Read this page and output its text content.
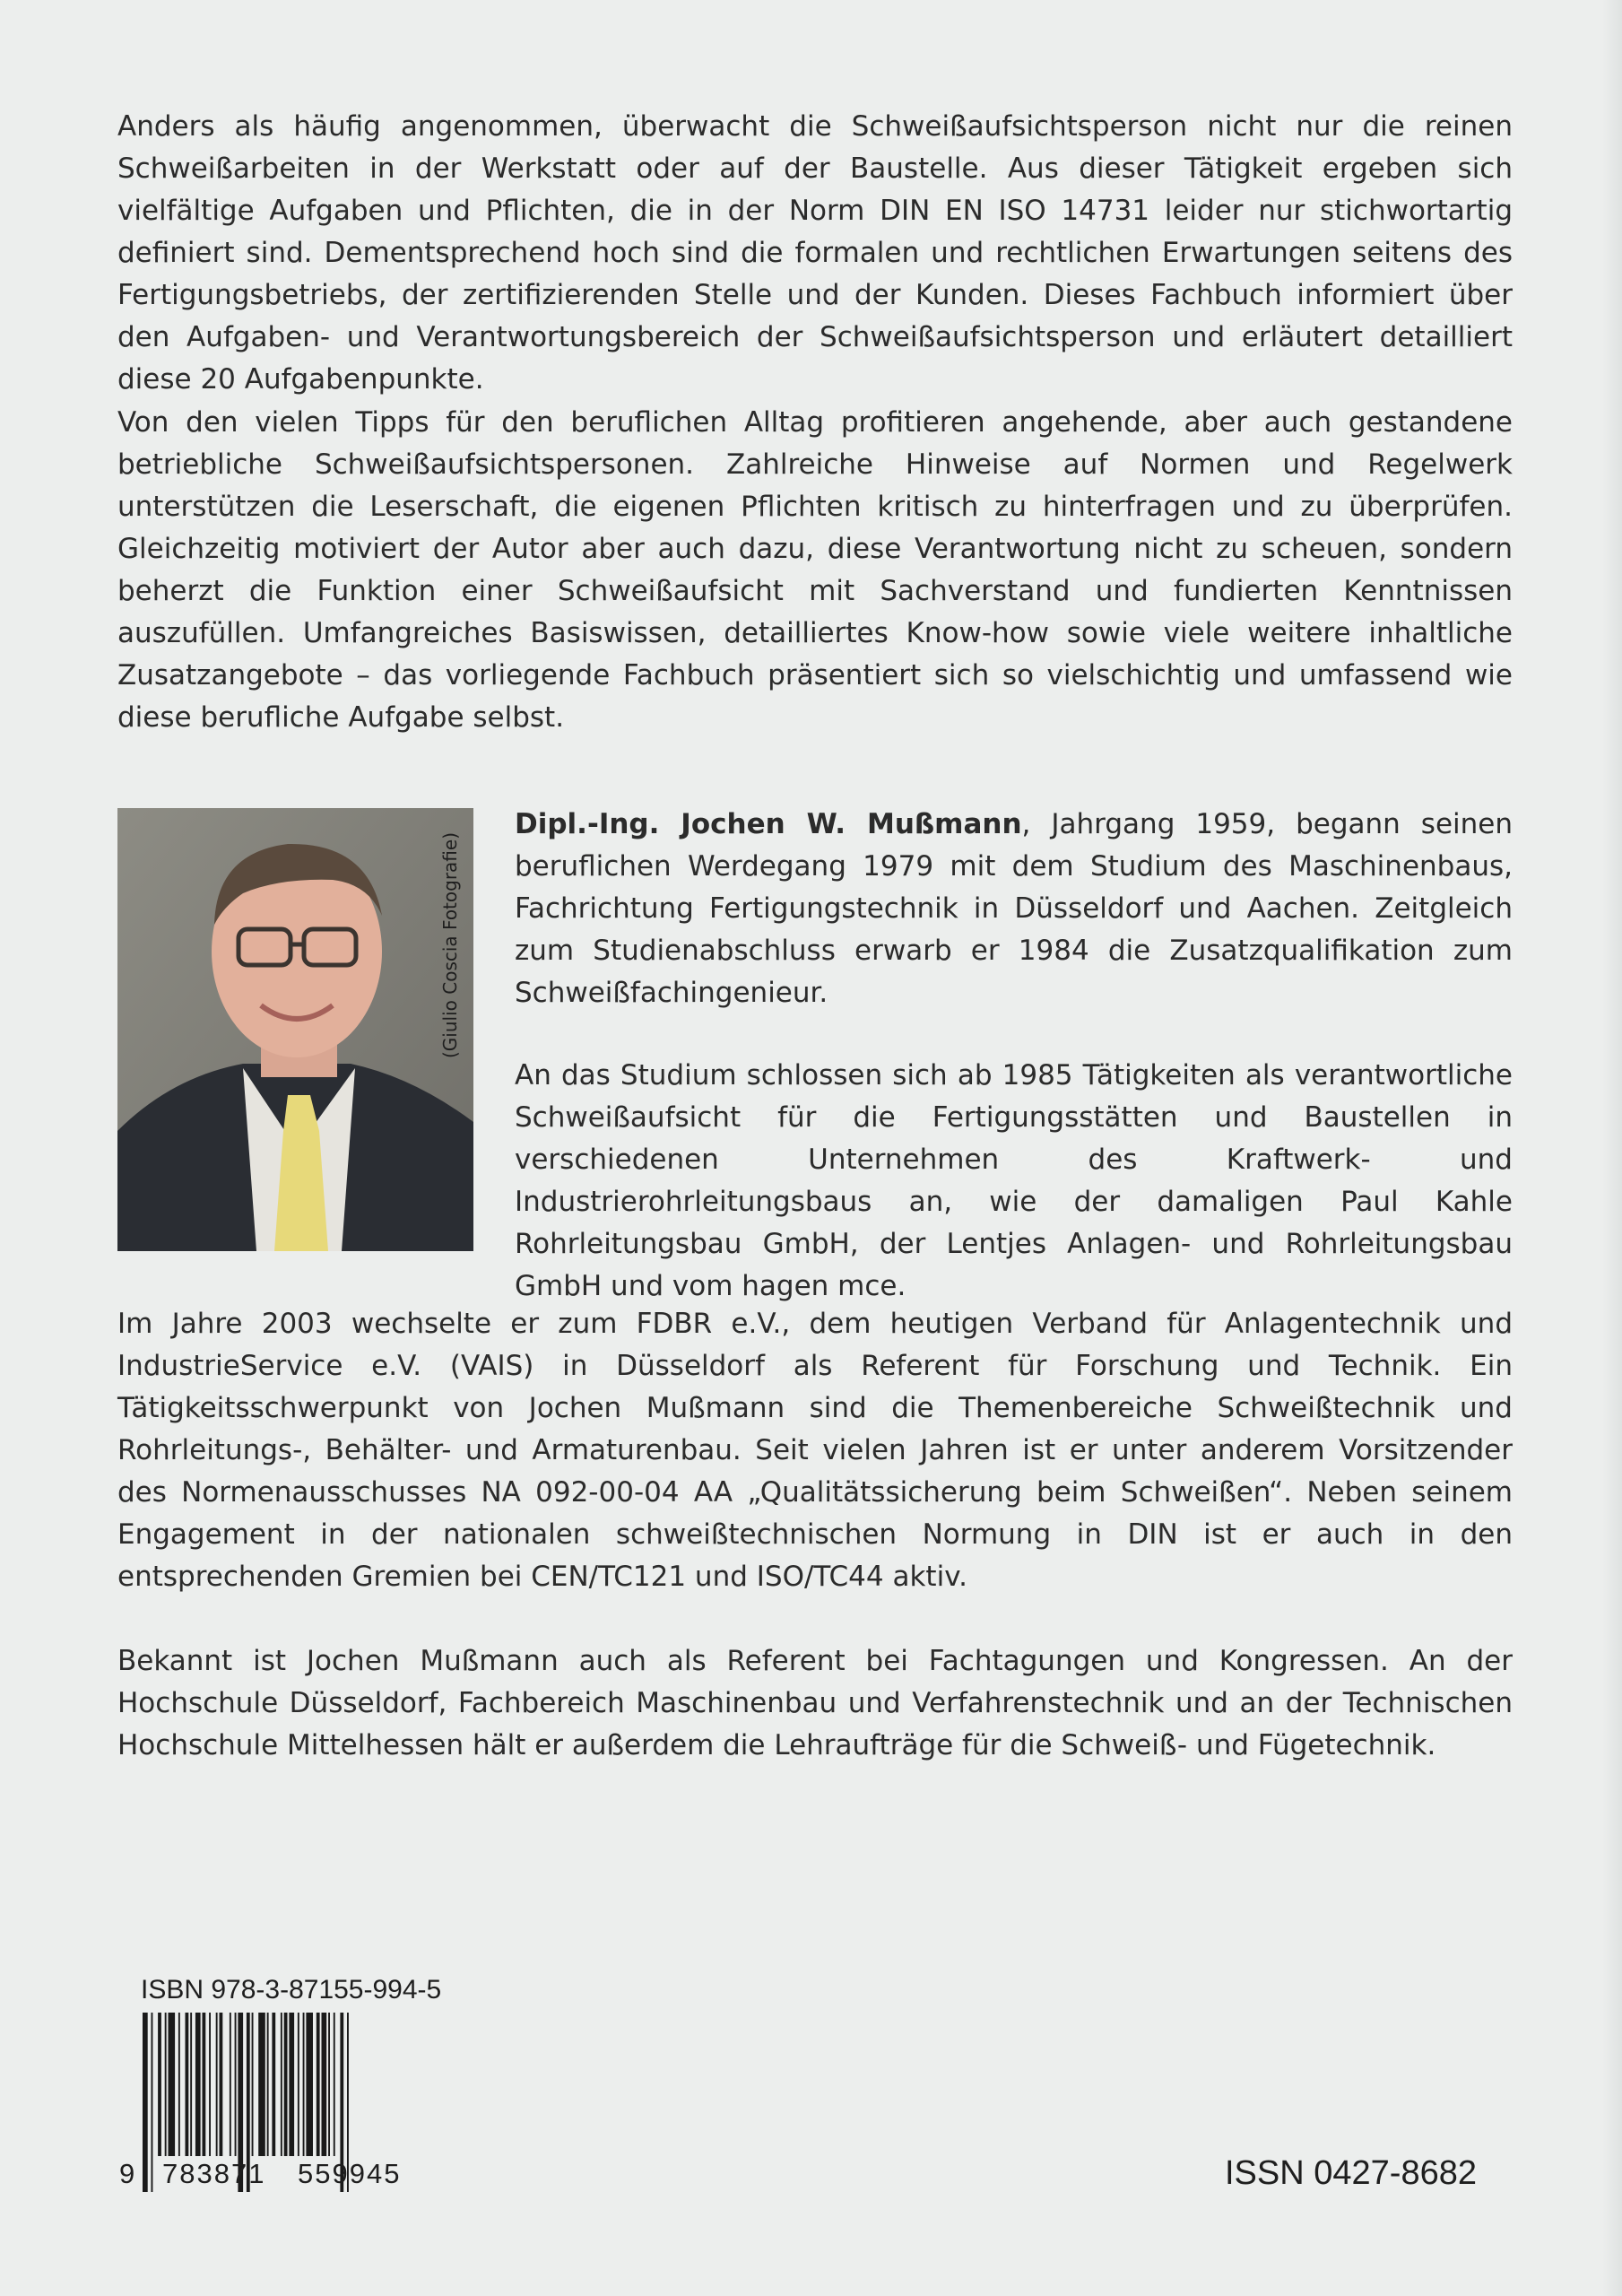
Anders als häufig angenommen, überwacht die Schweißaufsichtsperson nicht nur die reinen Schweißarbeiten in der Werkstatt oder auf der Baustelle. Aus dieser Tätigkeit ergeben sich vielfältige Aufgaben und Pflichten, die in der Norm DIN EN ISO 14731 leider nur stichwortartig definiert sind. Dementsprechend hoch sind die formalen und rechtlichen Erwartungen seitens des Fertigungsbetriebs, der zertifizierenden Stelle und der Kunden. Dieses Fachbuch informiert über den Aufgaben- und Verantwortungsbereich der Schweißaufsichtsperson und erläutert detailliert diese 20 Aufgabenpunkte.

Von den vielen Tipps für den beruflichen Alltag profitieren angehende, aber auch gestandene betriebliche Schweißaufsichtspersonen. Zahlreiche Hinweise auf Normen und Regelwerk unterstützen die Leserschaft, die eigenen Pflichten kritisch zu hinterfragen und zu überprüfen. Gleichzeitig motiviert der Autor aber auch dazu, diese Verantwortung nicht zu scheuen, sondern beherzt die Funktion einer Schweißaufsicht mit Sachverstand und fundierten Kenntnissen auszufüllen. Umfangreiches Basiswissen, detailliertes Know-how sowie viele weitere inhaltliche Zusatzangebote – das vorliegende Fachbuch präsentiert sich so vielschichtig und umfassend wie diese berufliche Aufgabe selbst.

(Giulio Coscia Fotografie)

Dipl.-Ing. Jochen W. Mußmann, Jahrgang 1959, begann seinen beruflichen Werdegang 1979 mit dem Studium des Maschinenbaus, Fachrichtung Fertigungstechnik in Düsseldorf und Aachen. Zeitgleich zum Studienabschluss erwarb er 1984 die Zusatzqualifikation zum Schweißfachingenieur.

An das Studium schlossen sich ab 1985 Tätigkeiten als verantwortliche Schweißaufsicht für die Fertigungsstätten und Baustellen in verschiedenen Unternehmen des Kraftwerk- und Industrierohrleitungsbaus an, wie der damaligen Paul Kahle Rohrleitungsbau GmbH, der Lentjes Anlagen- und Rohrleitungsbau GmbH und vom hagen mce.

Im Jahre 2003 wechselte er zum FDBR e.V., dem heutigen Verband für Anlagentechnik und IndustrieService e.V. (VAIS) in Düsseldorf als Referent für Forschung und Technik. Ein Tätigkeitsschwerpunkt von Jochen Mußmann sind die Themenbereiche Schweißtechnik und Rohrleitungs-, Behälter- und Armaturenbau. Seit vielen Jahren ist er unter anderem Vorsitzender des Normenausschusses NA 092-00-04 AA „Qualitätssicherung beim Schweißen“. Neben seinem Engagement in der nationalen schweißtechnischen Normung in DIN ist er auch in den entsprechenden Gremien bei CEN/TC121 und ISO/TC44 aktiv.

Bekannt ist Jochen Mußmann auch als Referent bei Fachtagungen und Kongressen. An der Hochschule Düsseldorf, Fachbereich Maschinenbau und Verfahrenstechnik und an der Technischen Hochschule Mittelhessen hält er außerdem die Lehraufträge für die Schweiß- und Fügetechnik.

ISBN 978-3-87155-994-5
9 783871 559945	ISSN 0427-8682
